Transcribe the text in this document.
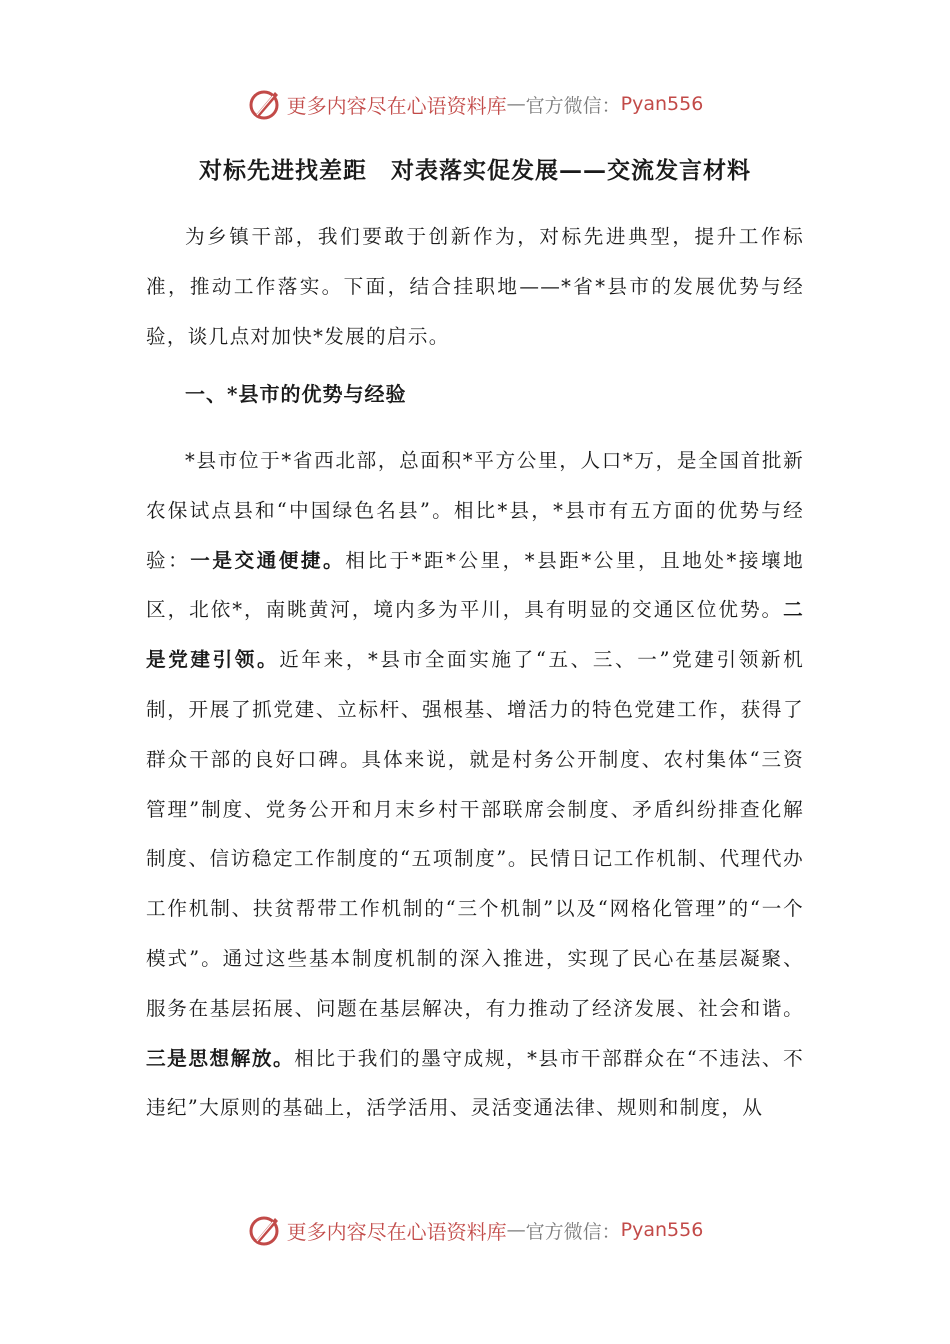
更多内容尽在心语资料库 — 官方微信： Pyan556
对标先进找差距　对表落实促发展——交流发言材料

为乡镇干部，我们要敢于创新作为，对标先进典型，提升工作标准，推动工作落实。下面，结合挂职地——*省*县市的发展优势与经验，谈几点对加快*发展的启示。

一、*县市的优势与经验

*县市位于*省西北部，总面积*平方公里，人口*万，是全国首批新农保试点县和“中国绿色名县”。相比*县，*县市有五方面的优势与经验：一是交通便捷。相比于*距*公里，*县距*公里，且地处*接壤地区，北依*，南眺黄河，境内多为平川，具有明显的交通区位优势。二是党建引领。近年来，*县市全面实施了“五、三、一”党建引领新机制，开展了抓党建、立标杆、强根基、增活力的特色党建工作，获得了群众干部的良好口碑。具体来说，就是村务公开制度、农村集体“三资管理”制度、党务公开和月末乡村干部联席会制度、矛盾纠纷排查化解制度、信访稳定工作制度的“五项制度”。民情日记工作机制、代理代办工作机制、扶贫帮带工作机制的“三个机制”以及“网格化管理”的“一个模式”。通过这些基本制度机制的深入推进，实现了民心在基层凝聚、服务在基层拓展、问题在基层解决，有力推动了经济发展、社会和谐。三是思想解放。相比于我们的墨守成规，*县市干部群众在“不违法、不违纪”大原则的基础上，活学活用、灵活变通法律、规则和制度，从

更多内容尽在心语资料库 — 官方微信： Pyan556
